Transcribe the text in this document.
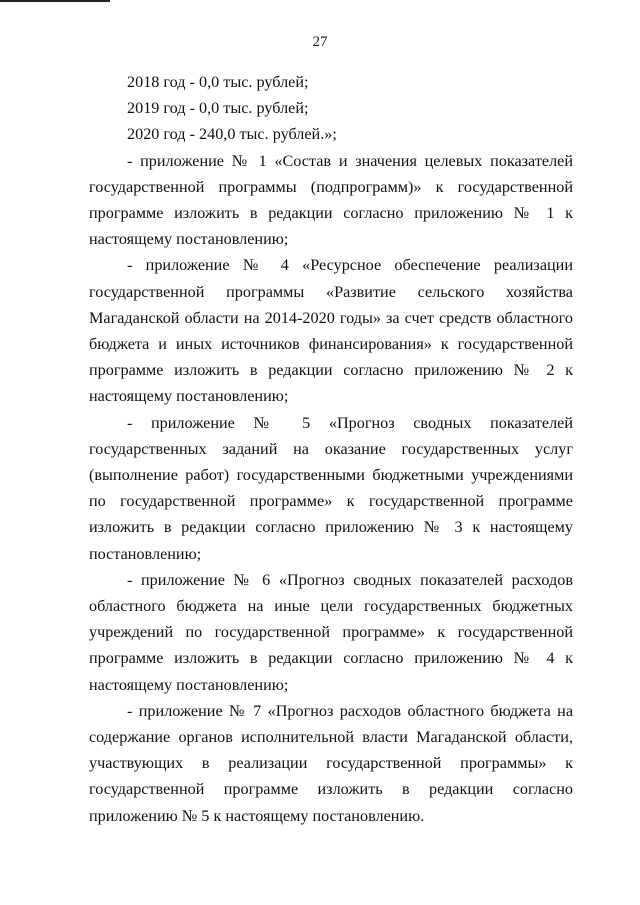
27

2018 год - 0,0 тыс. рублей;

2019 год - 0,0 тыс. рублей;

2020 год - 240,0 тыс. рублей.»;

- приложение № 1 «Состав и значения целевых показателей государственной программы (подпрограмм)» к государственной программе изложить в редакции согласно приложению № 1 к настоящему постановлению;

- приложение № 4 «Ресурсное обеспечение реализации государственной программы «Развитие сельского хозяйства Магаданской области на 2014-2020 годы» за счет средств областного бюджета и иных источников финансирования» к государственной программе изложить в редакции согласно приложению № 2 к настоящему постановлению;

- приложение № 5 «Прогноз сводных показателей государственных заданий на оказание государственных услуг (выполнение работ) государственными бюджетными учреждениями по государственной программе» к государственной программе изложить в редакции согласно приложению № 3 к настоящему постановлению;

- приложение № 6 «Прогноз сводных показателей расходов областного бюджета на иные цели государственных бюджетных учреждений по государственной программе» к государственной программе изложить в редакции согласно приложению № 4 к настоящему постановлению;

- приложение № 7 «Прогноз расходов областного бюджета на содержание органов исполнительной власти Магаданской области, участвующих в реализации государственной программы» к государственной программе изложить в редакции согласно приложению № 5 к настоящему постановлению.
